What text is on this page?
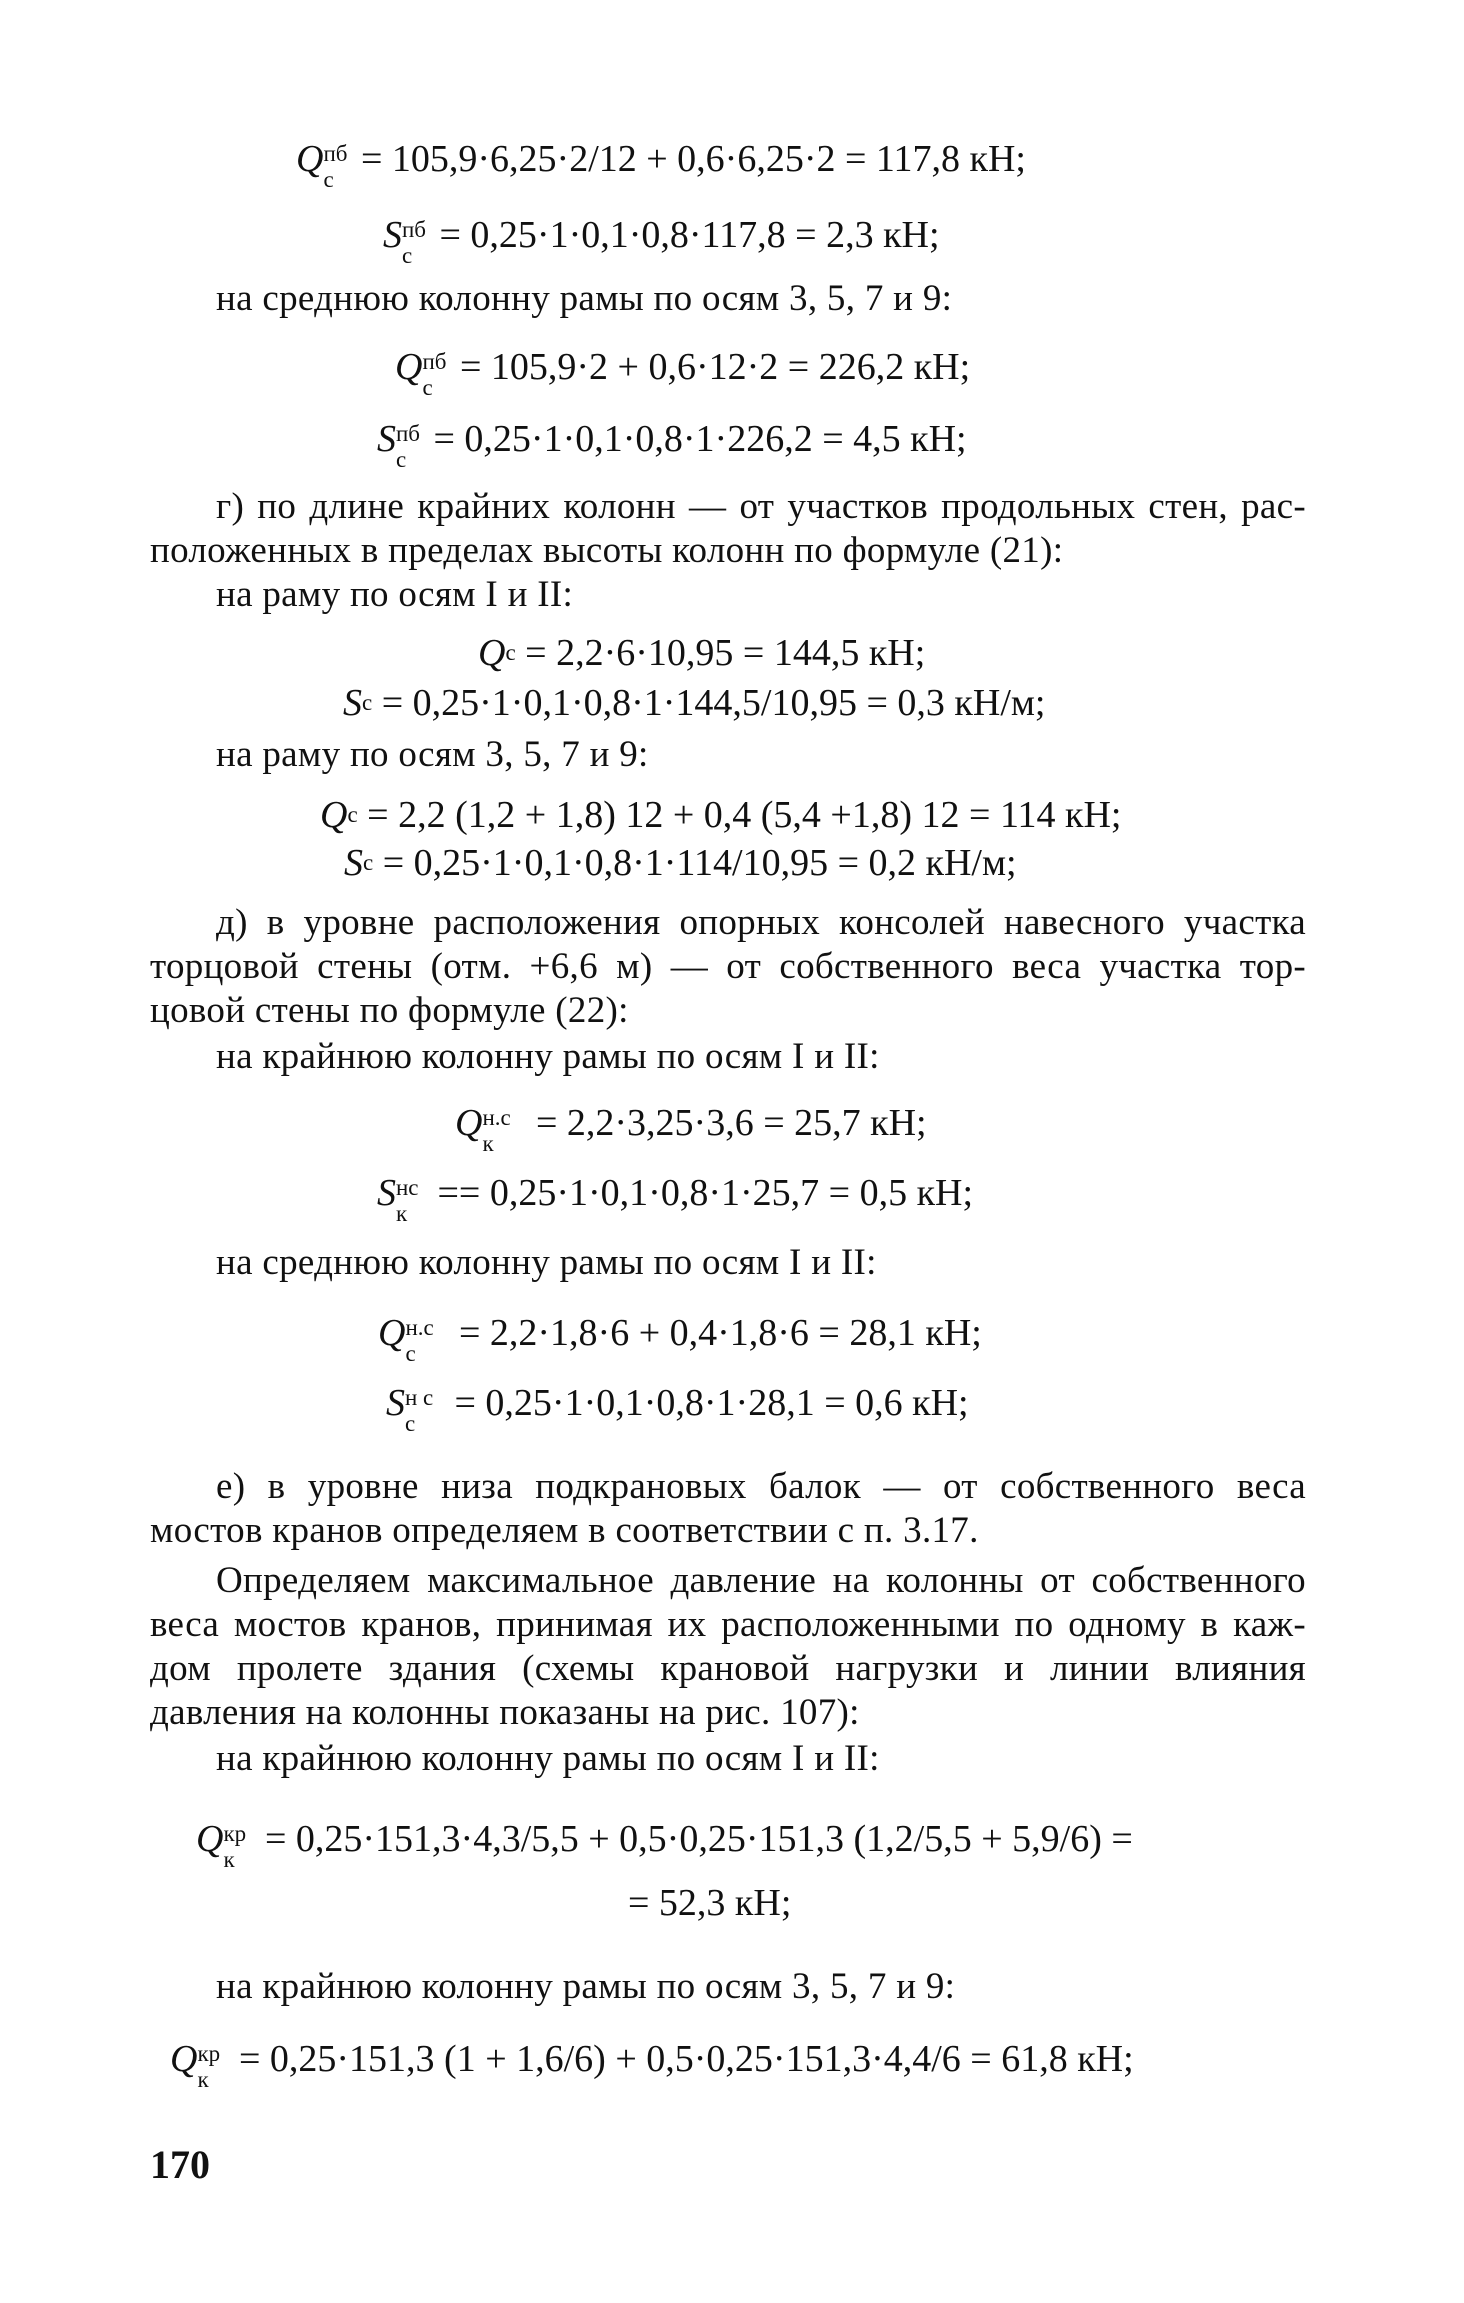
Q пб
с = 105,9·6,25·2/12 + 0,6·6,25·2 = 117,8 кН;
S пб
с = 0,25·1·0,1·0,8·117,8 = 2,3 кН;
на среднюю колонну рамы по осям 3, 5, 7 и 9:
Q пб
с = 105,9·2 + 0,6·12·2 = 226,2 кН;
S пб
с = 0,25·1·0,1·0,8·1·226,2 = 4,5 кН;
г) по длине крайних колонн — от участков продольных стен, рас-
положенных в пределах высоты колонн по формуле (21):
на раму по осям I и II:
$Q^с = 2,2\cdot 6\cdot 10,95 = 144,5$ кН;
$S^с = 0,25\cdot 1\cdot 0,1\cdot 0,8\cdot 1\cdot 144,5/10,95 = 0,3$ кН/м;
на раму по осям 3, 5, 7 и 9:
$Q^с = 2,2$ (1,2 + 1,8) 12 + 0,4 (5,4 +1,8) 12 = 114 кН;
$S^с = 0,25\cdot 1\cdot 0,1\cdot 0,8\cdot 1\cdot 114/10,95 = 0,2$ кН/м;
д) в уровне расположения опорных консолей навесного участка
торцовой стены (отм. +6,6 м) — от собственного веса участка тор-
цовой стены по формуле (22):
на крайнюю колонну рамы по осям I и II:
Q н.с
к = 2,2·3,25·3,6 = 25,7 кН;
S нс
к == 0,25·1·0,1·0,8·1·25,7 = 0,5 кН;
на среднюю колонну рамы по осям I и II:
Q н.с
с = 2,2·1,8·6 + 0,4·1,8·6 = 28,1 кН;
S н с
с = 0,25·1·0,1·0,8·1·28,1 = 0,6 кН;
е) в уровне низа подкрановых балок — от собственного веса
мостов кранов определяем в соответствии с п. 3.17.
Определяем максимальное давление на колонны от собственного
веса мостов кранов, принимая их расположенными по одному в каж-
дом пролете здания (схемы крановой нагрузки и линии влияния
давления на колонны показаны на рис. 107):
на крайнюю колонну рамы по осям I и II:
Q кр
к = 0,25·151,3·4,3/5,5 + 0,5·0,25·151,3 (1,2/5,5 + 5,9/6) =
= 52,3 кН;
на крайнюю колонну рамы по осям 3, 5, 7 и 9:
Q кр
к = 0,25·151,3 (1 + 1,6/6) + 0,5·0,25·151,3·4,4/6 = 61,8 кН;
170
